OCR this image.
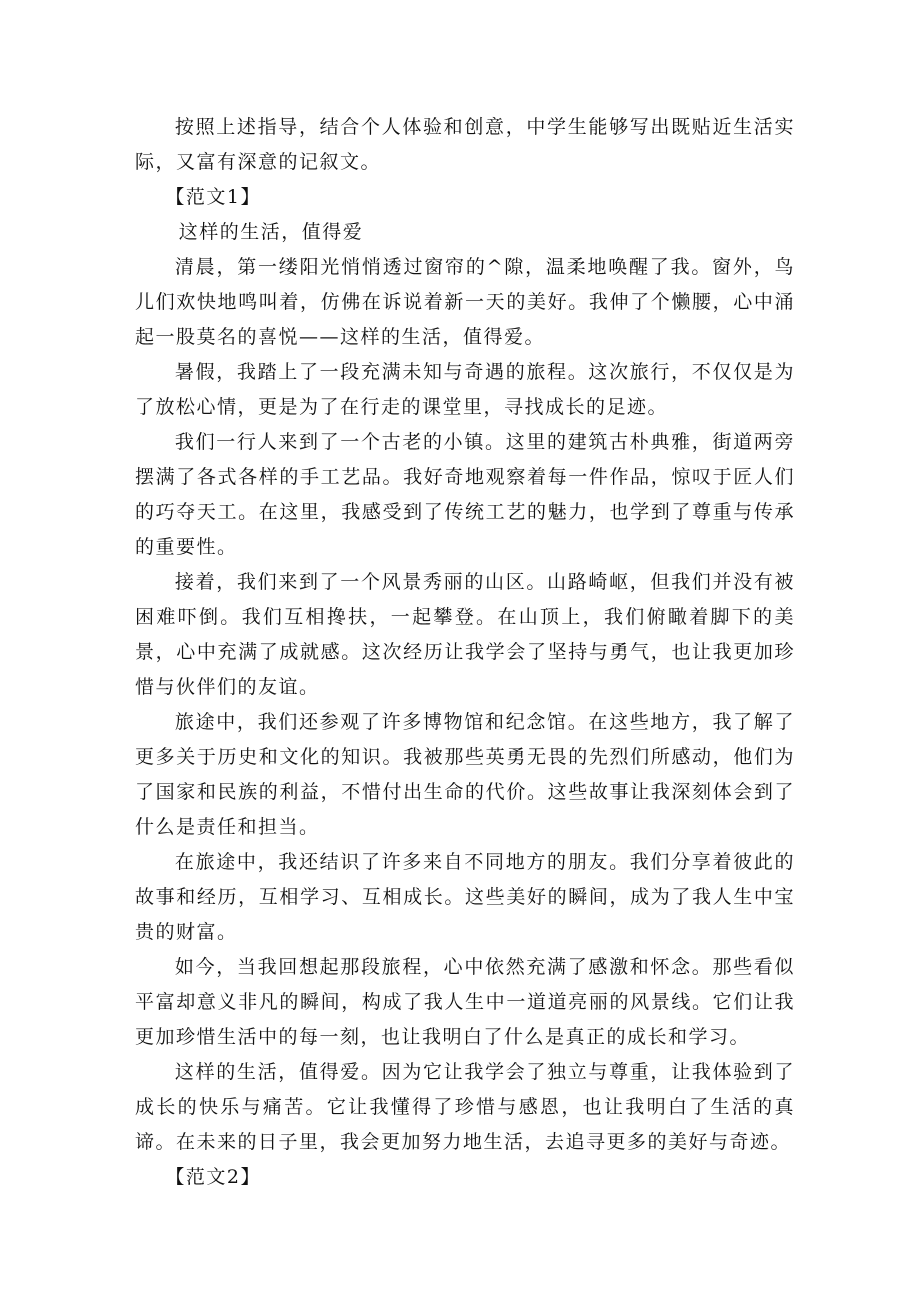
按照上述指导，结合个人体验和创意，中学生能够写出既贴近生活实际，又富有深意的记叙文。

【范文1】

这样的生活，值得爱

清晨，第一缕阳光悄悄透过窗帘的^隙，温柔地唤醒了我。窗外，鸟儿们欢快地鸣叫着，仿佛在诉说着新一天的美好。我伸了个懒腰，心中涌起一股莫名的喜悦——这样的生活，值得爱。

暑假，我踏上了一段充满未知与奇遇的旅程。这次旅行，不仅仅是为了放松心情，更是为了在行走的课堂里，寻找成长的足迹。

我们一行人来到了一个古老的小镇。这里的建筑古朴典雅，街道两旁摆满了各式各样的手工艺品。我好奇地观察着每一件作品，惊叹于匠人们的巧夺天工。在这里，我感受到了传统工艺的魅力，也学到了尊重与传承的重要性。

接着，我们来到了一个风景秀丽的山区。山路崎岖，但我们并没有被困难吓倒。我们互相搀扶，一起攀登。在山顶上，我们俯瞰着脚下的美景，心中充满了成就感。这次经历让我学会了坚持与勇气，也让我更加珍惜与伙伴们的友谊。

旅途中，我们还参观了许多博物馆和纪念馆。在这些地方，我了解了更多关于历史和文化的知识。我被那些英勇无畏的先烈们所感动，他们为了国家和民族的利益，不惜付出生命的代价。这些故事让我深刻体会到了什么是责任和担当。

在旅途中，我还结识了许多来自不同地方的朋友。我们分享着彼此的故事和经历，互相学习、互相成长。这些美好的瞬间，成为了我人生中宝贵的财富。

如今，当我回想起那段旅程，心中依然充满了感激和怀念。那些看似平富却意义非凡的瞬间，构成了我人生中一道道亮丽的风景线。它们让我更加珍惜生活中的每一刻，也让我明白了什么是真正的成长和学习。

这样的生活，值得爱。因为它让我学会了独立与尊重，让我体验到了成长的快乐与痛苦。它让我懂得了珍惜与感恩，也让我明白了生活的真谛。在未来的日子里，我会更加努力地生活，去追寻更多的美好与奇迹。

【范文2】
